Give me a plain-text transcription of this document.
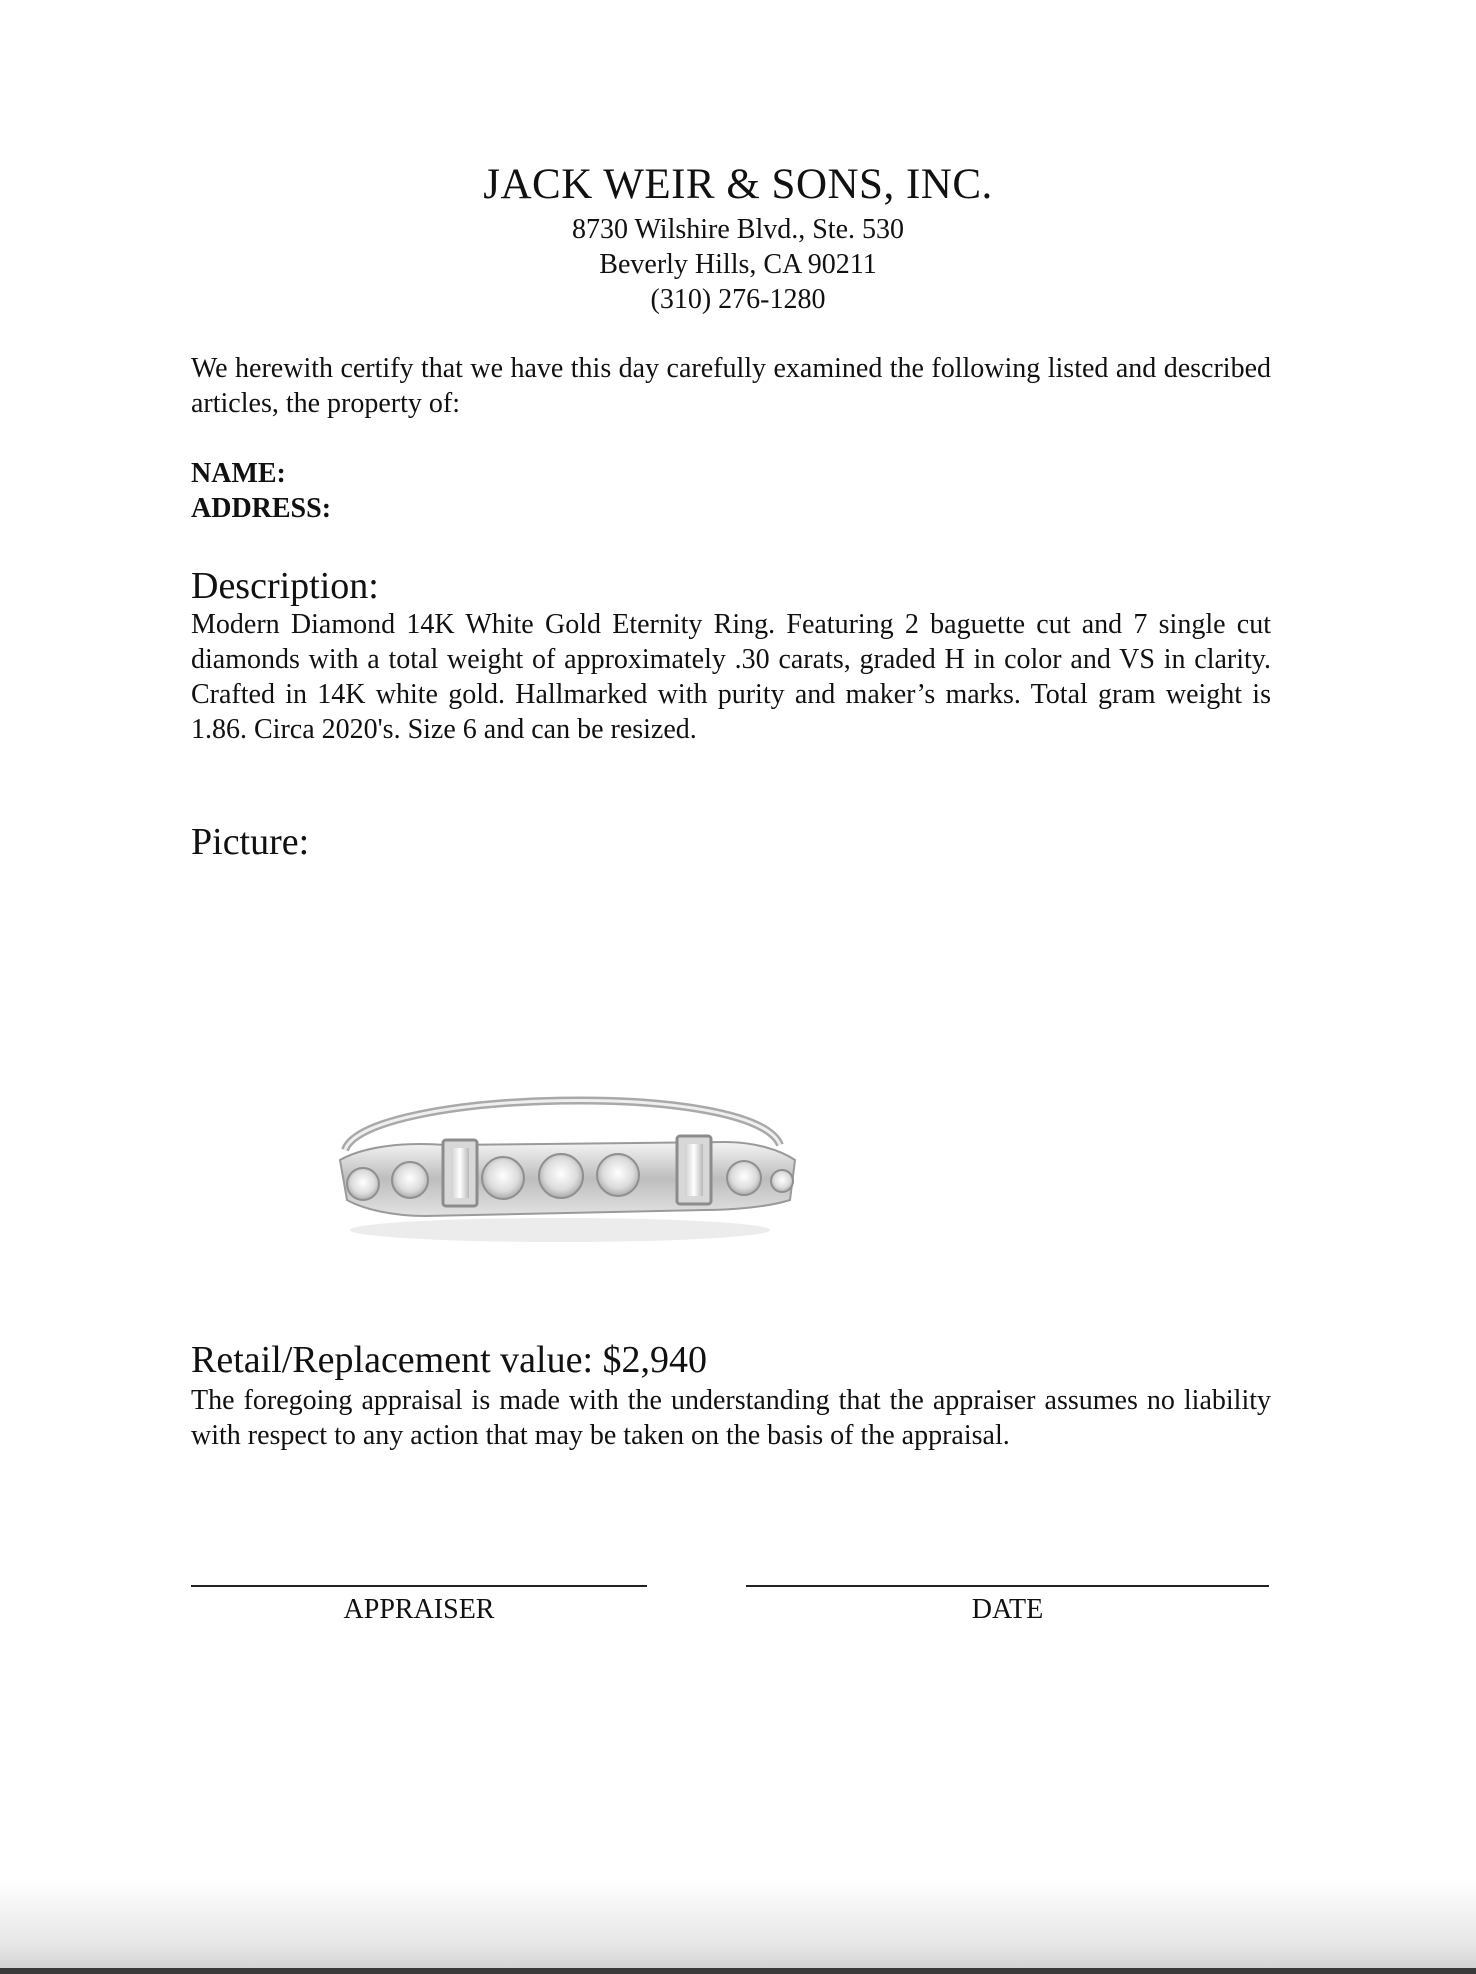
JACK WEIR & SONS, INC.
8730 Wilshire Blvd., Ste. 530
Beverly Hills, CA 90211
(310) 276-1280
We herewith certify that we have this day carefully examined the following listed and described articles, the property of:
NAME:
ADDRESS:
Description:
Modern Diamond 14K White Gold Eternity Ring. Featuring 2 baguette cut and 7 single cut diamonds with a total weight of approximately .30 carats, graded H in color and VS in clarity. Crafted in 14K white gold. Hallmarked with purity and maker’s marks. Total gram weight is 1.86. Circa 2020's. Size 6 and can be resized.
Picture:
Retail/Replacement value: $2,940
The foregoing appraisal is made with the understanding that the appraiser assumes no liability with respect to any action that may be taken on the basis of the appraisal.
APPRAISER	DATE
